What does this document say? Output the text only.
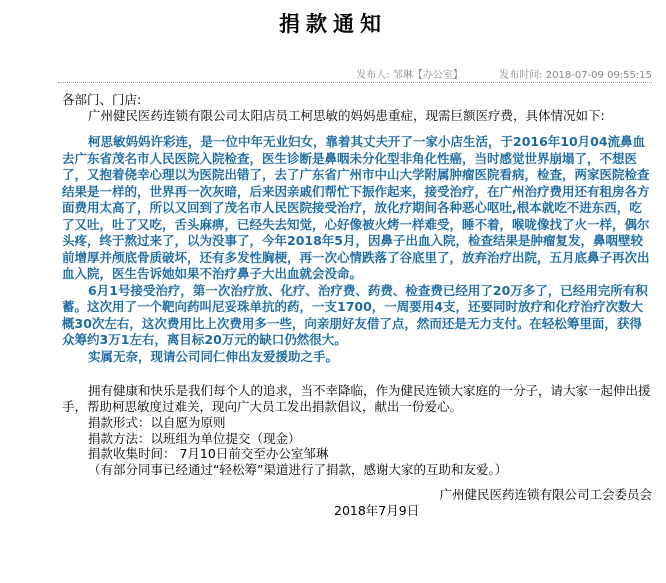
捐款通知
发布人: 邹琳【办公室】	发布时间: 2018-07-09 09:55:15

各部门、门店:

广州健民医药连锁有限公司太阳店员工柯思敏的妈妈患重症，现需巨额医疗费，具体情况如下:

柯思敏妈妈许彩连，是一位中年无业妇女，靠着其丈夫开了一家小店生活，于2016年10月04流鼻血去广东省茂名市人民医院入院检查，医生诊断是鼻咽未分化型非角化性癌，当时感觉世界崩塌了，不想医了，又抱着侥幸心理以为医院出错了，去了广东省广州市中山大学附属肿瘤医院看病，检查，两家医院检查结果是一样的，世界再一次灰暗，后来因亲戚们帮忙下振作起来，接受治疗，在广州治疗费用还有租房各方面费用太高了，所以又回到了茂名市人民医院接受治疗，放化疗期间各种恶心呕吐,根本就吃不进东西，吃了又吐，吐了又吃，舌头麻痹，已经失去知觉，心好像被火烤一样难受，睡不着，喉咙像找了火一样，偶尔头疼，终于熬过来了，以为没事了，今年2018年5月，因鼻子出血入院，检查结果是肿瘤复发，鼻咽壁较前增厚并颅底骨质破坏，还有多发性胸梗，再一次心情跌落了谷底里了，放弃治疗出院，五月底鼻子再次出血入院，医生告诉她如果不治疗鼻子大出血就会没命。

6月1号接受治疗，第一次治疗放、化疗、治疗费、药费、检查费已经用了20万多了，已经用完所有积蓄。这次用了一个靶向药叫尼妥珠单抗的药，一支1700，一周要用4支，还要同时放疗和化疗治疗次数大概30次左右，这次费用比上次费用多一些，向亲朋好友借了点，然而还是无力支付。在轻松筹里面，获得众筹约3万1左右，离目标20万元的缺口仍然很大。

实属无奈，现请公司同仁伸出友爱援助之手。

拥有健康和快乐是我们每个人的追求，当不幸降临，作为健民连锁大家庭的一分子，请大家一起伸出援手，帮助柯思敏度过难关，现向广大员工发出捐款倡议，献出一份爱心。

捐款形式：以自愿为原则

捐款方法：以班组为单位提交（现金）

捐款收集时间： 7月10日前交至办公室邹琳

（有部分同事已经通过“轻松筹”渠道进行了捐款，感谢大家的互助和友爱。）

广州健民医药连锁有限公司工会委员会

2018年7月9日
